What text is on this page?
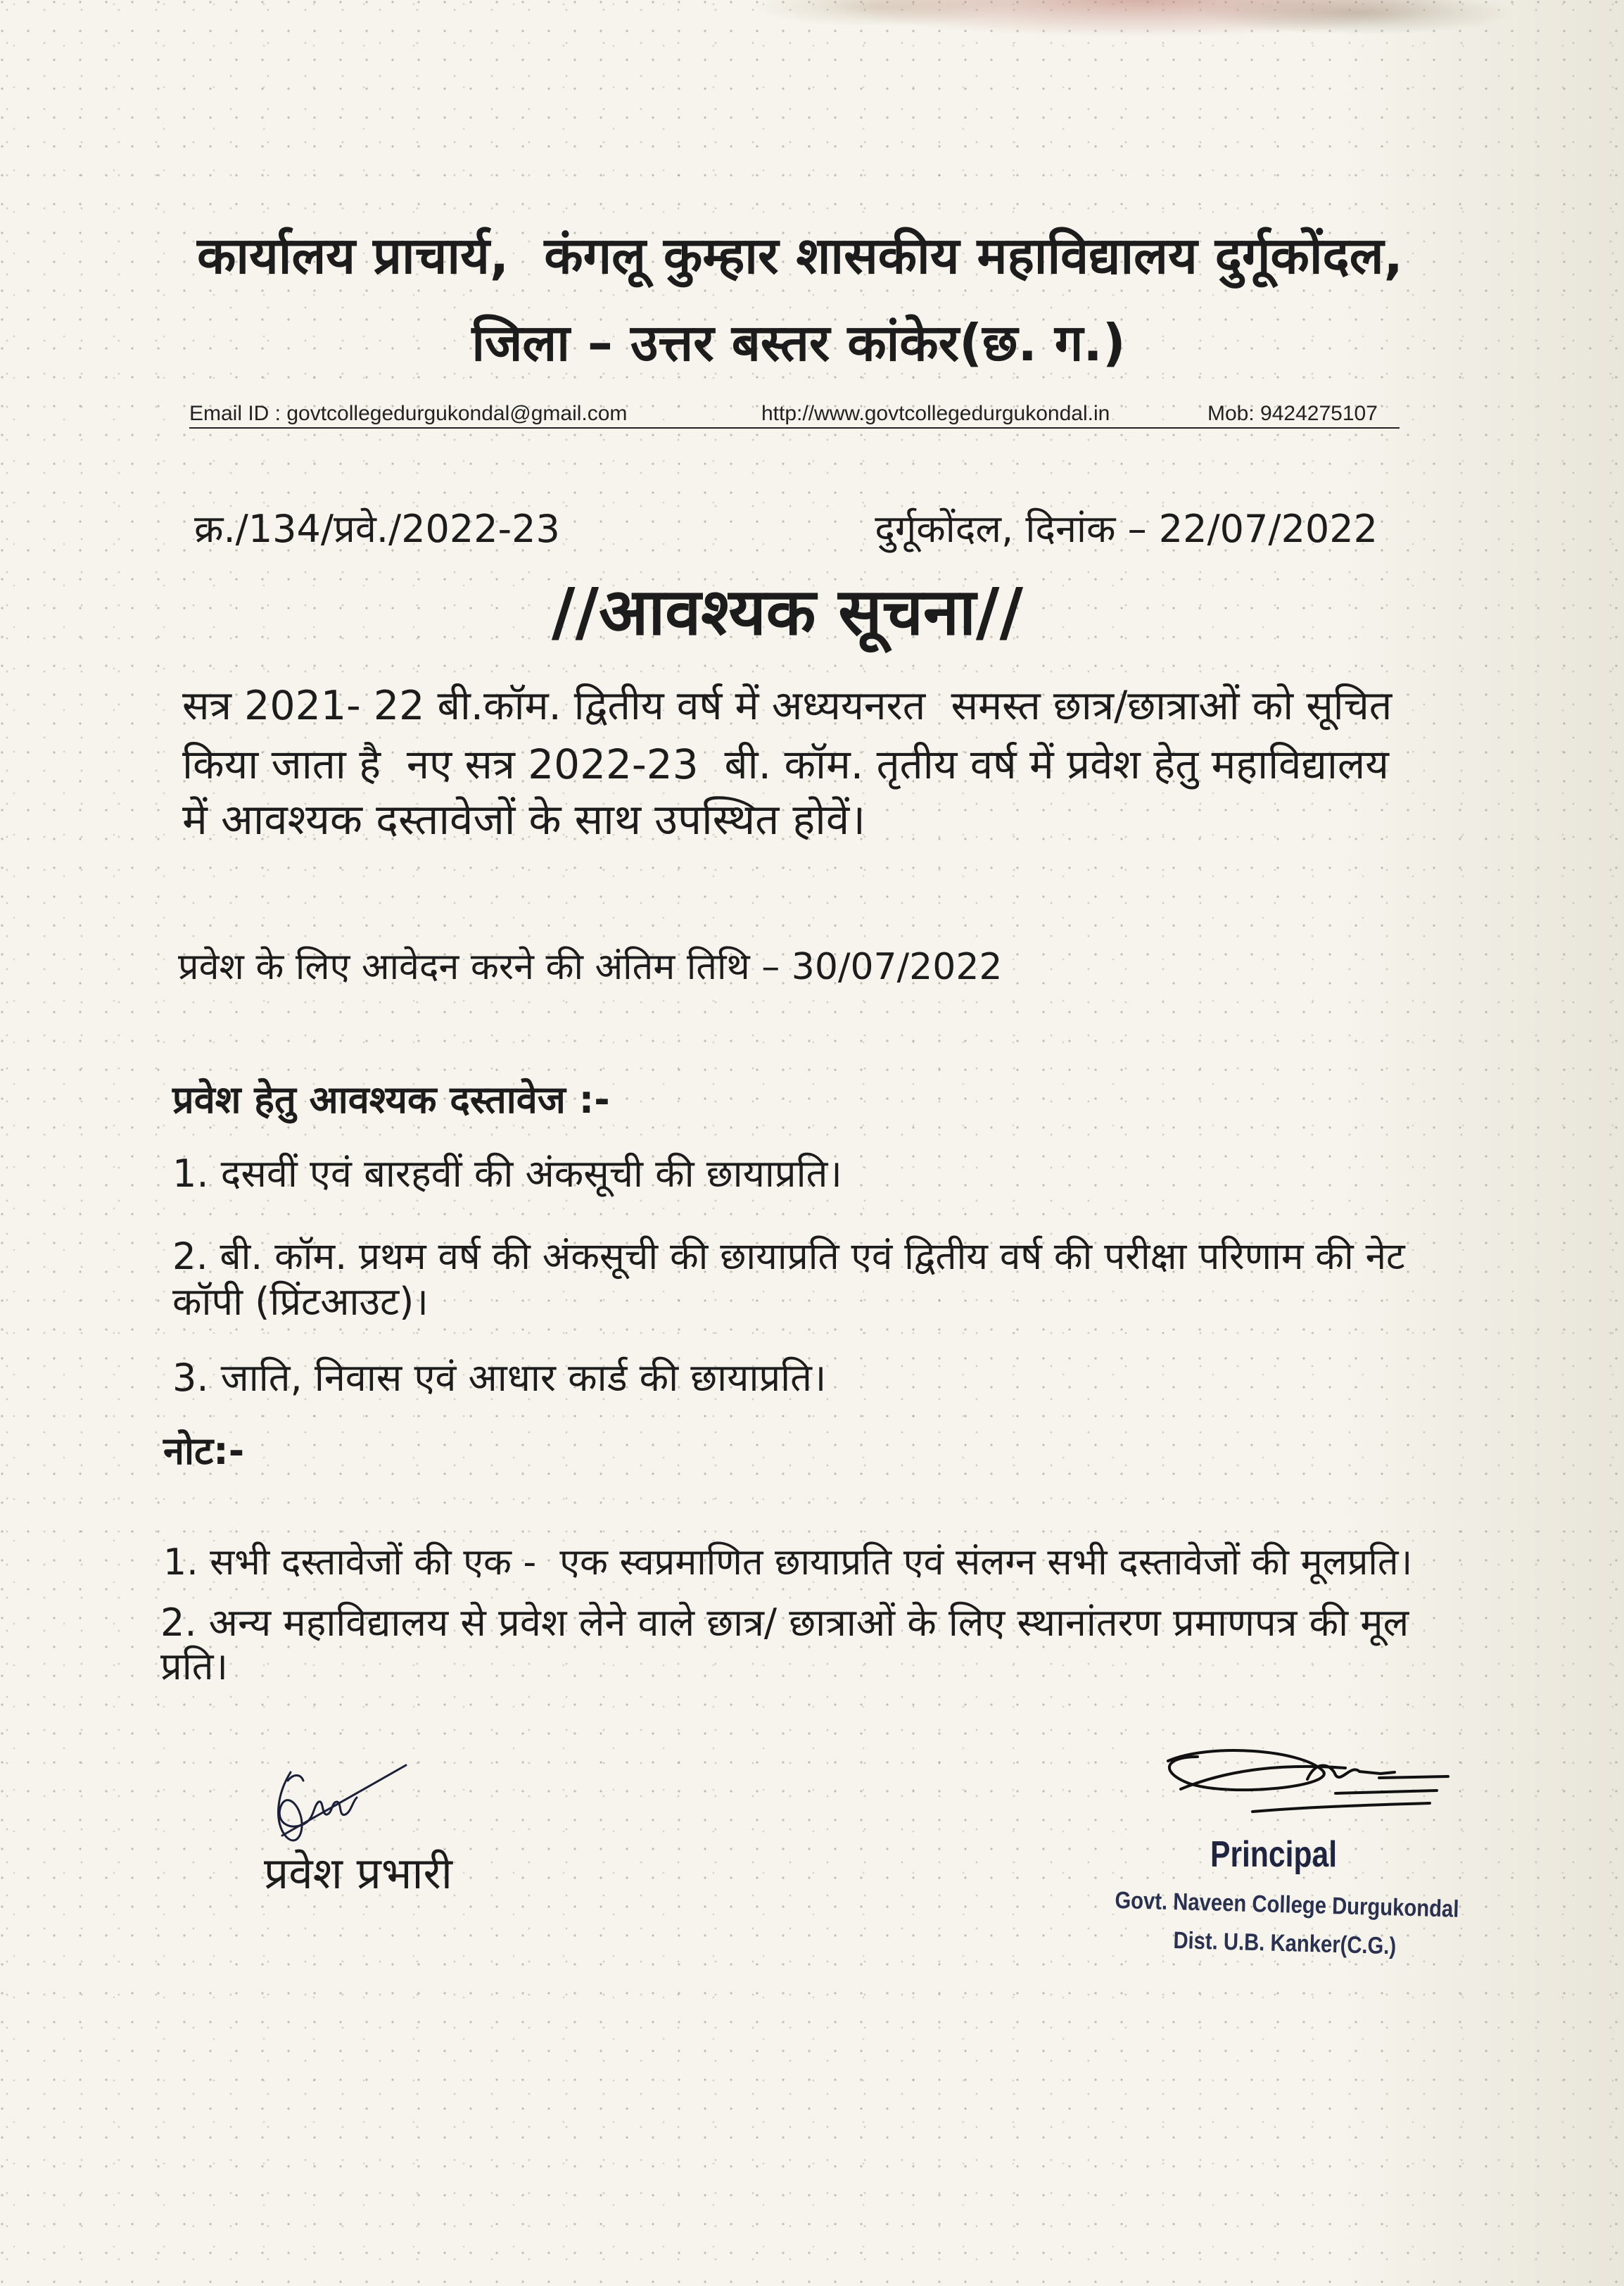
कार्यालय प्राचार्य,  कंगलू कुम्हार शासकीय महाविद्यालय दुर्गूकोंदल,
जिला – उत्तर बस्तर कांकेर(छ. ग.)
Email ID : govtcollegedurgukondal@gmail.com	http://www.govtcollegedurgukondal.in	Mob: 9424275107
क्र./134/प्रवे./2022-23	दुर्गूकोंदल, दिनांक – 22/07/2022
//आवश्यक सूचना//
सत्र 2021- 22 बी.कॉम. द्वितीय वर्ष में अध्ययनरत  समस्त छात्र/छात्राओं को सूचित
किया जाता है  नए सत्र 2022-23  बी. कॉम. तृतीय वर्ष में प्रवेश हेतु महाविद्यालय
में आवश्यक दस्तावेजों के साथ उपस्थित होवें।
प्रवेश के लिए आवेदन करने की अंतिम तिथि – 30/07/2022
प्रवेश हेतु आवश्यक दस्तावेज :-
1. दसवीं एवं बारहवीं की अंकसूची की छायाप्रति।
2. बी. कॉम. प्रथम वर्ष की अंकसूची की छायाप्रति एवं द्वितीय वर्ष की परीक्षा परिणाम की नेट
कॉपी (प्रिंटआउट)।
3. जाति, निवास एवं आधार कार्ड की छायाप्रति।
नोट:-
1. सभी दस्तावेजों की एक -  एक स्वप्रमाणित छायाप्रति एवं संलग्न सभी दस्तावेजों की मूलप्रति।
2. अन्य महाविद्यालय से प्रवेश लेने वाले छात्र/ छात्राओं के लिए स्थानांतरण प्रमाणपत्र की मूल
प्रति।
प्रवेश प्रभारी	Principal
Govt. Naveen College Durgukondal
Dist. U.B. Kanker(C.G.)
